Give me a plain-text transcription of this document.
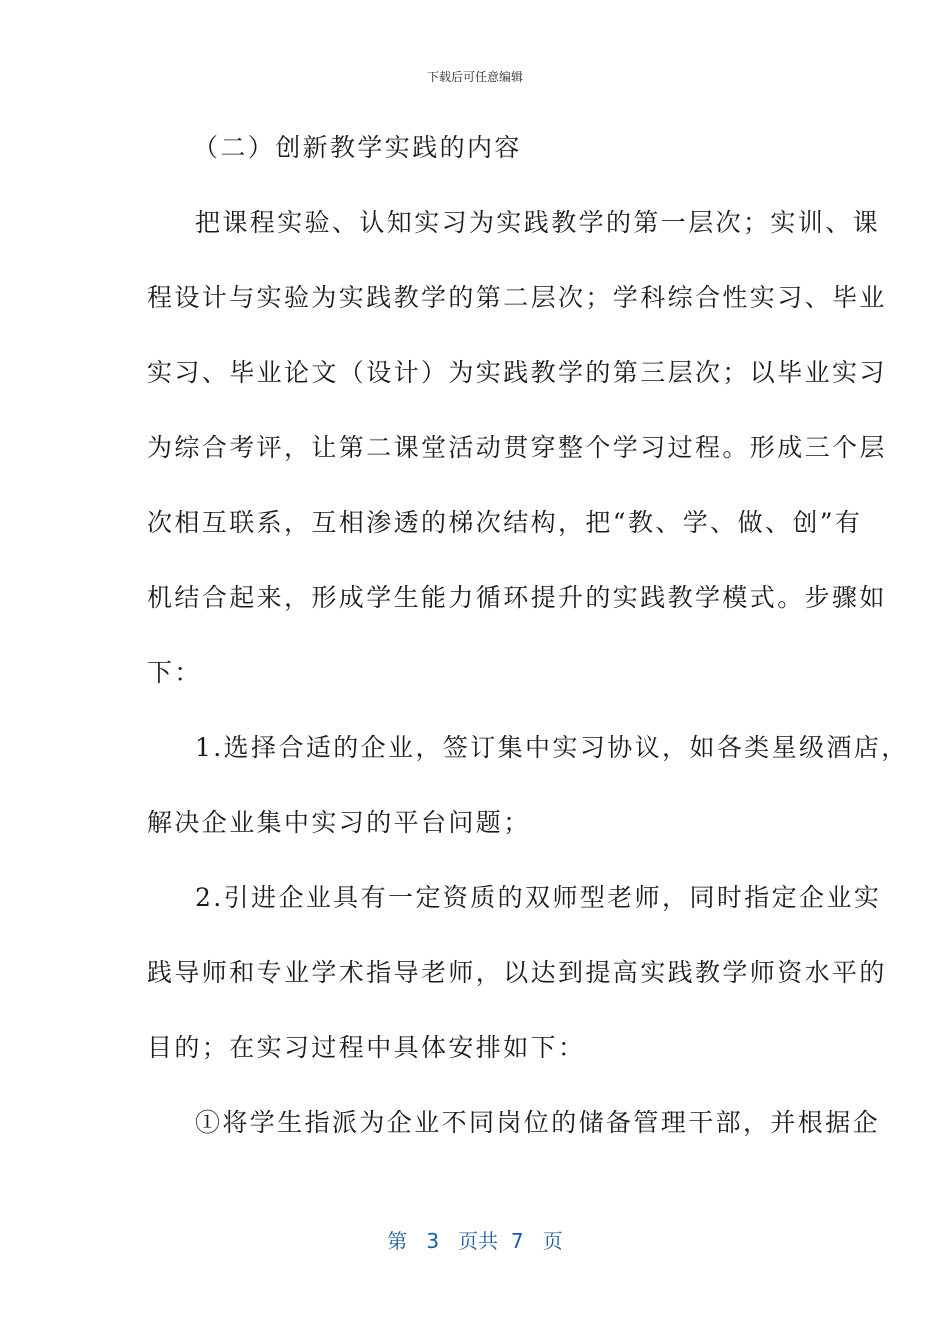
下载后可任意编辑
（二）创新教学实践的内容
把课程实验、认知实习为实践教学的第一层次；实训、课
程设计与实验为实践教学的第二层次；学科综合性实习、毕业
实习、毕业论文（设计）为实践教学的第三层次；以毕业实习
为综合考评，让第二课堂活动贯穿整个学习过程。形成三个层
次相互联系，互相渗透的梯次结构，把“教、学、做、创”有
机结合起来，形成学生能力循环提升的实践教学模式。步骤如
下：
1.选择合适的企业，签订集中实习协议，如各类星级酒店，
解决企业集中实习的平台问题；
2.引进企业具有一定资质的双师型老师，同时指定企业实
践导师和专业学术指导老师，以达到提高实践教学师资水平的
目的；在实习过程中具体安排如下：
①将学生指派为企业不同岗位的储备管理干部，并根据企
第 3 页共 7 页
